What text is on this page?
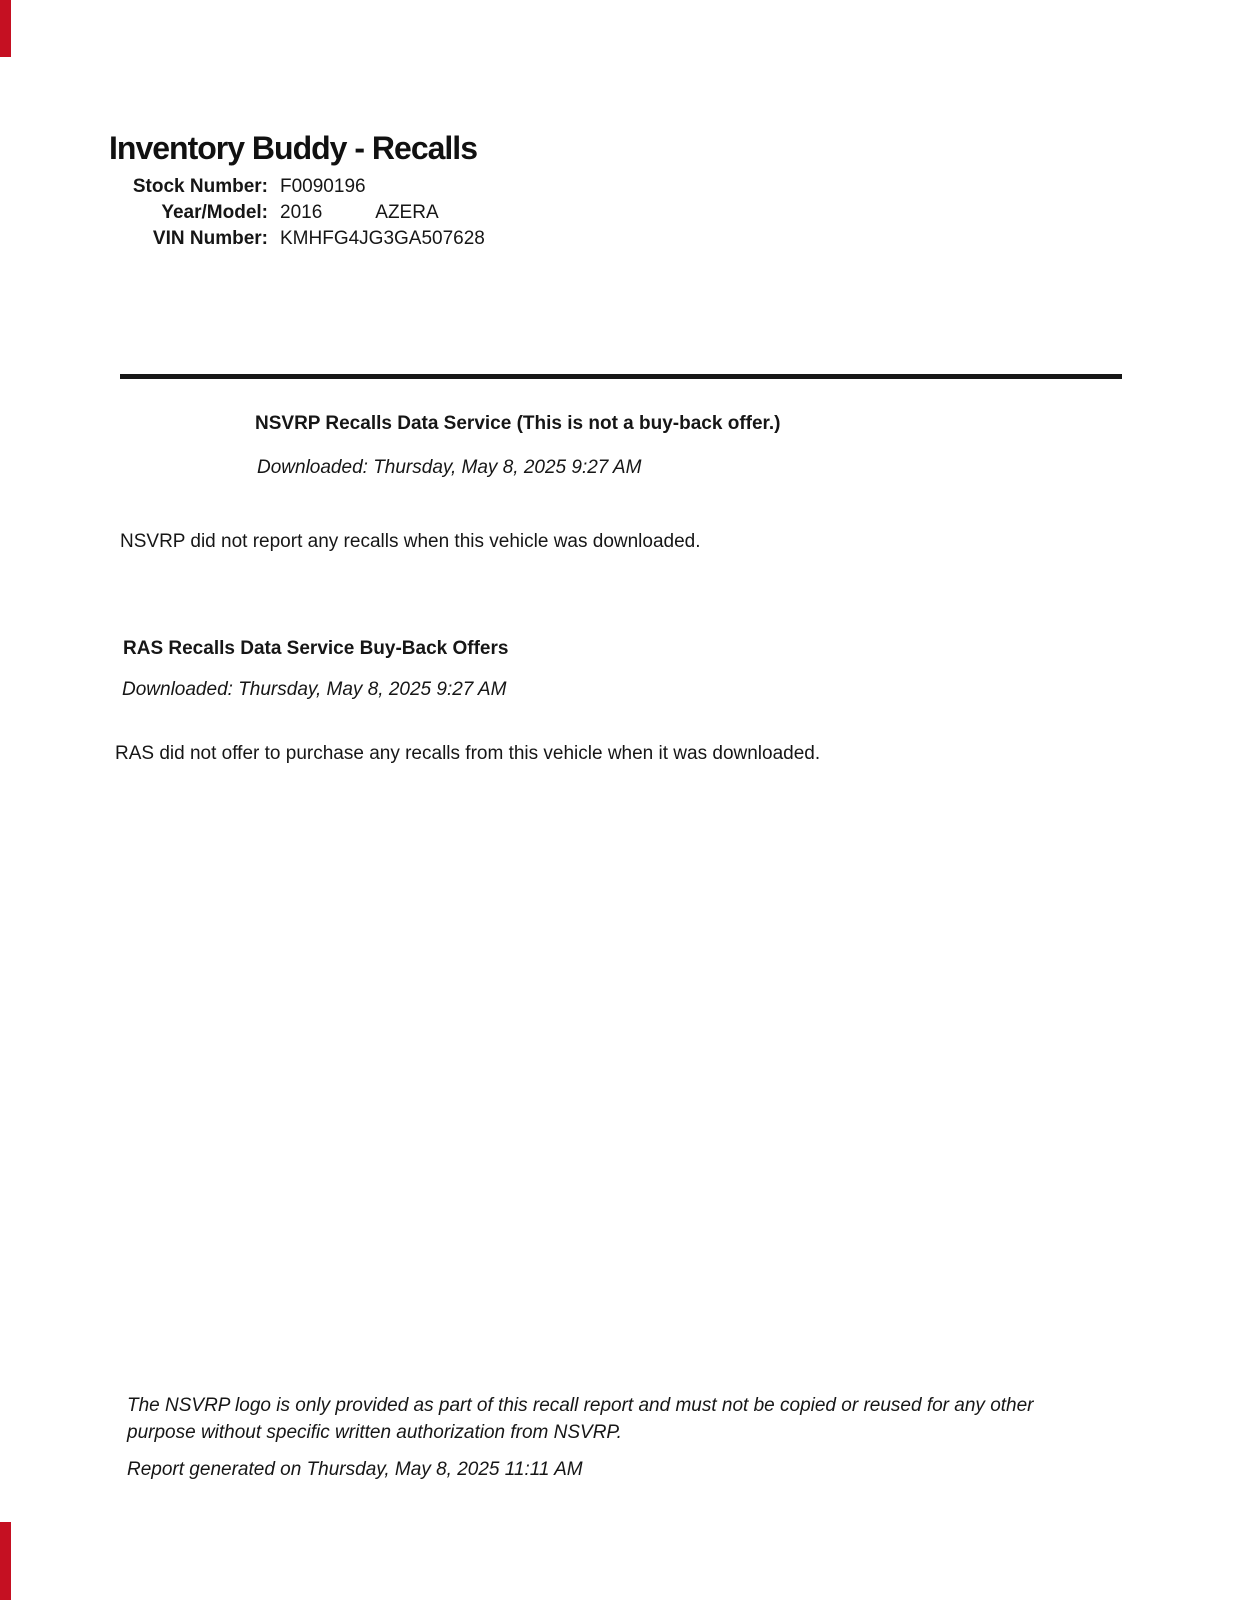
Inventory Buddy - Recalls
Stock Number: F0090196
Year/Model: 2016	AZERA
VIN Number: KMHFG4JG3GA507628

NSVRP Recalls Data Service (This is not a buy-back offer.)

Downloaded: Thursday, May 8, 2025 9:27 AM

NSVRP did not report any recalls when this vehicle was downloaded.

RAS Recalls Data Service Buy-Back Offers

Downloaded: Thursday, May 8, 2025 9:27 AM

RAS did not offer to purchase any recalls from this vehicle when it was downloaded.

The NSVRP logo is only provided as part of this recall report and must not be copied or reused for any other purpose without specific written authorization from NSVRP.

Report generated on Thursday, May 8, 2025 11:11 AM
